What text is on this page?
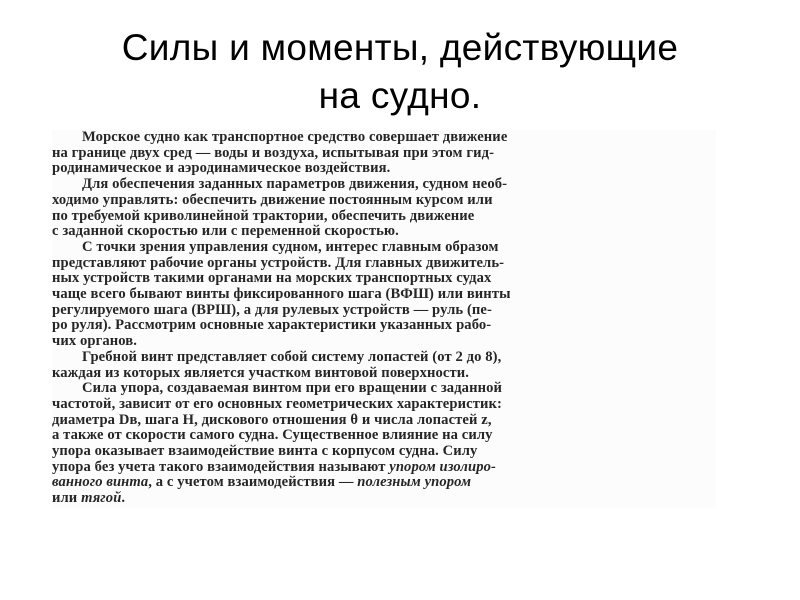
Силы и моменты, действующие
на судно.

Морское судно как транспортное средство совершает движение
на границе двух сред — воды и воздуха, испытывая при этом гид-
родинамическое и аэродинамическое воздействия.

Для обеспечения заданных параметров движения, судном необ-
ходимо управлять: обеспечить движение постоянным курсом или
по требуемой криволинейной трактории, обеспечить движение
с заданной скоростью или с переменной скоростью.

С точки зрения управления судном, интерес главным образом
представляют рабочие органы устройств. Для главных движитель-
ных устройств такими органами на морских транспортных судах
чаще всего бывают винты фиксированного шага (ВФШ) или винты
регулируемого шага (ВРШ), а для рулевых устройств — руль (пе-
ро руля). Рассмотрим основные характеристики указанных рабо-
чих органов.

Гребной винт представляет собой систему лопастей (от 2 до 8),
каждая из которых является участком винтовой поверхности.

Сила упора, создаваемая винтом при его вращении с заданной
частотой, зависит от его основных геометрических характеристик:
диаметра Dв, шага H, дискового отношения θ и числа лопастей z,
а также от скорости самого судна. Существенное влияние на силу
упора оказывает взаимодействие винта с корпусом судна. Силу
упора без учета такого взаимодействия называют упором изолиро-
ванного винта, а с учетом взаимодействия — полезным упором
или тягой.
